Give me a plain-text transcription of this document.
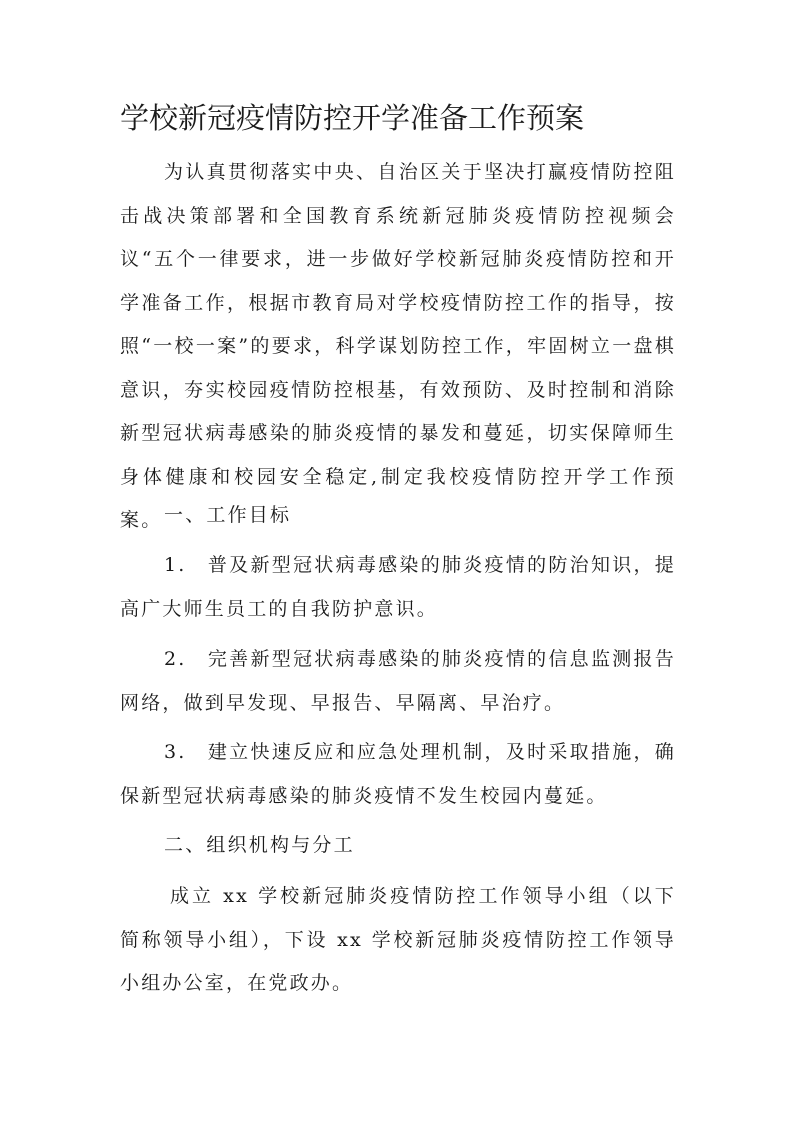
学校新冠疫情防控开学准备工作预案

为认真贯彻落实中央、自治区关于坚决打赢疫情防控阻击战决策部署和全国教育系统新冠肺炎疫情防控视频会议“五个一律要求，进一步做好学校新冠肺炎疫情防控和开学准备工作，根据市教育局对学校疫情防控工作的指导，按照“一校一案”的要求，科学谋划防控工作，牢固树立一盘棋意识，夯实校园疫情防控根基，有效预防、及时控制和消除新型冠状病毒感染的肺炎疫情的暴发和蔓延，切实保障师生身体健康和校园安全稳定,制定我校疫情防控开学工作预案。 一、工作目标

1.　普及新型冠状病毒感染的肺炎疫情的防治知识，提高广大师生员工的自我防护意识。

2.　完善新型冠状病毒感染的肺炎疫情的信息监测报告网络，做到早发现、早报告、早隔离、早治疗。

3.　建立快速反应和应急处理机制，及时采取措施，确保新型冠状病毒感染的肺炎疫情不发生校园内蔓延。

二、组织机构与分工

成立 xx 学校新冠肺炎疫情防控工作领导小组（以下简称领导小组），下设 xx 学校新冠肺炎疫情防控工作领导小组办公室，在党政办。
